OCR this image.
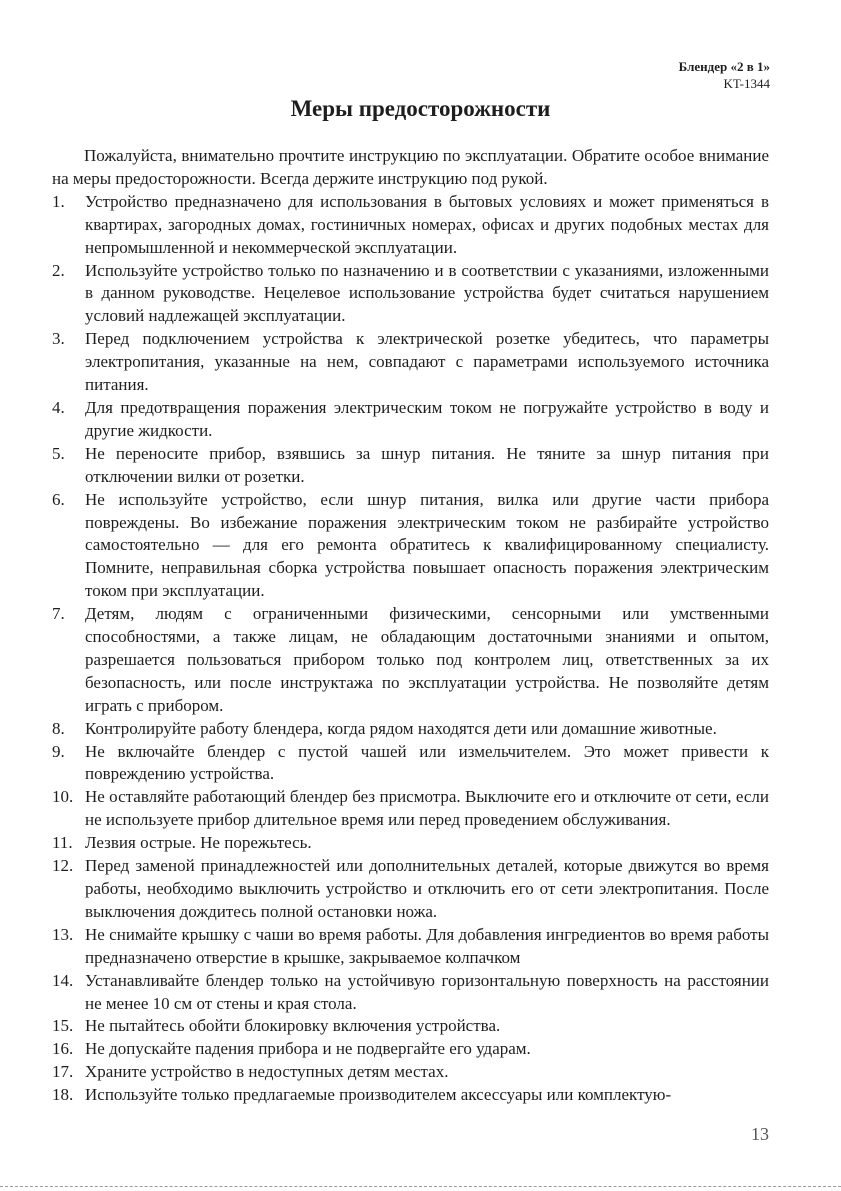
Блендер «2 в 1»
KT-1344
Меры предосторожности

Пожалуйста, внимательно прочтите инструкцию по эксплуатации. Обратите особое внимание на меры предосторожности. Всегда держите инструкцию под рукой.

1. Устройство предназначено для использования в бытовых условиях и может применяться в квартирах, загородных домах, гостиничных номерах, офисах и других подобных местах для непромышленной и некоммерческой эксплуатации.
2. Используйте устройство только по назначению и в соответствии с указаниями, изложенными в данном руководстве. Нецелевое использование устройства будет считаться нарушением условий надлежащей эксплуатации.
3. Перед подключением устройства к электрической розетке убедитесь, что параметры электропитания, указанные на нем, совпадают с параметрами используемого источника питания.
4. Для предотвращения поражения электрическим током не погружайте устройство в воду и другие жидкости.
5. Не переносите прибор, взявшись за шнур питания. Не тяните за шнур питания при отключении вилки от розетки.
6. Не используйте устройство, если шнур питания, вилка или другие части прибора повреждены. Во избежание поражения электрическим током не разбирайте устройство самостоятельно — для его ремонта обратитесь к квалифицированному специалисту. Помните, неправильная сборка устройства повышает опасность поражения электрическим током при эксплуатации.
7. Детям, людям с ограниченными физическими, сенсорными или умственными способностями, а также лицам, не обладающим достаточными знаниями и опытом, разрешается пользоваться прибором только под контролем лиц, ответственных за их безопасность, или после инструктажа по эксплуатации устройства. Не позволяйте детям играть с прибором.
8. Контролируйте работу блендера, когда рядом находятся дети или домашние животные.
9. Не включайте блендер с пустой чашей или измельчителем. Это может привести к повреждению устройства.
10. Не оставляйте работающий блендер без присмотра. Выключите его и отключите от сети, если не используете прибор длительное время или перед проведением обслуживания.
11. Лезвия острые. Не порежьтесь.
12. Перед заменой принадлежностей или дополнительных деталей, которые движутся во время работы, необходимо выключить устройство и отключить его от сети электропитания. После выключения дождитесь полной остановки ножа.
13. Не снимайте крышку с чаши во время работы. Для добавления ингредиентов во время работы предназначено отверстие в крышке, закрываемое колпачком
14. Устанавливайте блендер только на устойчивую горизонтальную поверхность на расстоянии не менее 10 см от стены и края стола.
15. Не пытайтесь обойти блокировку включения устройства.
16. Не допускайте падения прибора и не подвергайте его ударам.
17. Храните устройство в недоступных детям местах.
18. Используйте только предлагаемые производителем аксессуары или комплектую-
13
